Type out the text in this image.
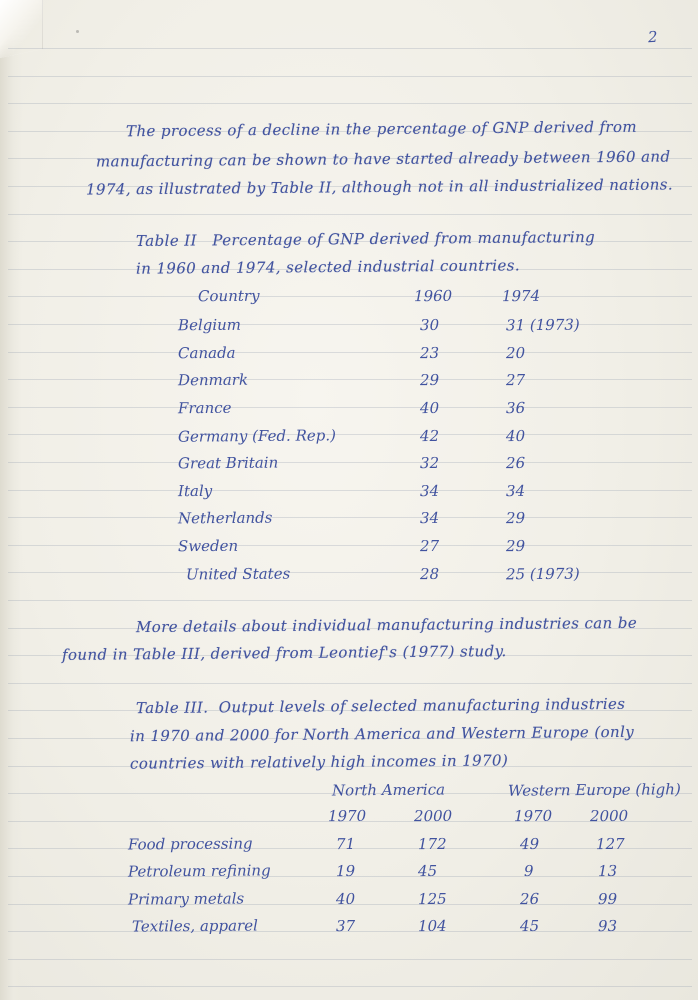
2
The process of a decline in the percentage of GNP derived from
manufacturing can be shown to have started already between 1960 and
1974, as illustrated by Table II, although not in all industrialized nations.
Table II   Percentage of GNP derived from manufacturing
in 1960 and 1974, selected industrial countries.
Country	1960	1974
Belgium	30	31 (1973)
Canada	23	20
Denmark	29	27
France	40	36
Germany (Fed. Rep.)	42	40
Great Britain	32	26
Italy	34	34
Netherlands	34	29
Sweden	27	29
United States	28	25 (1973)
More details about individual manufacturing industries can be
found in Table III, derived from Leontief's (1977) study.
Table III.  Output levels of selected manufacturing industries
in 1970 and 2000 for North America and Western Europe (only
countries with relatively high incomes in 1970)
North America	Western Europe (high)
1970	2000	1970	2000
Food processing	71	172	49	127
Petroleum refining	19	45	9	13
Primary metals	40	125	26	99
Textiles, apparel	37	104	45	93
